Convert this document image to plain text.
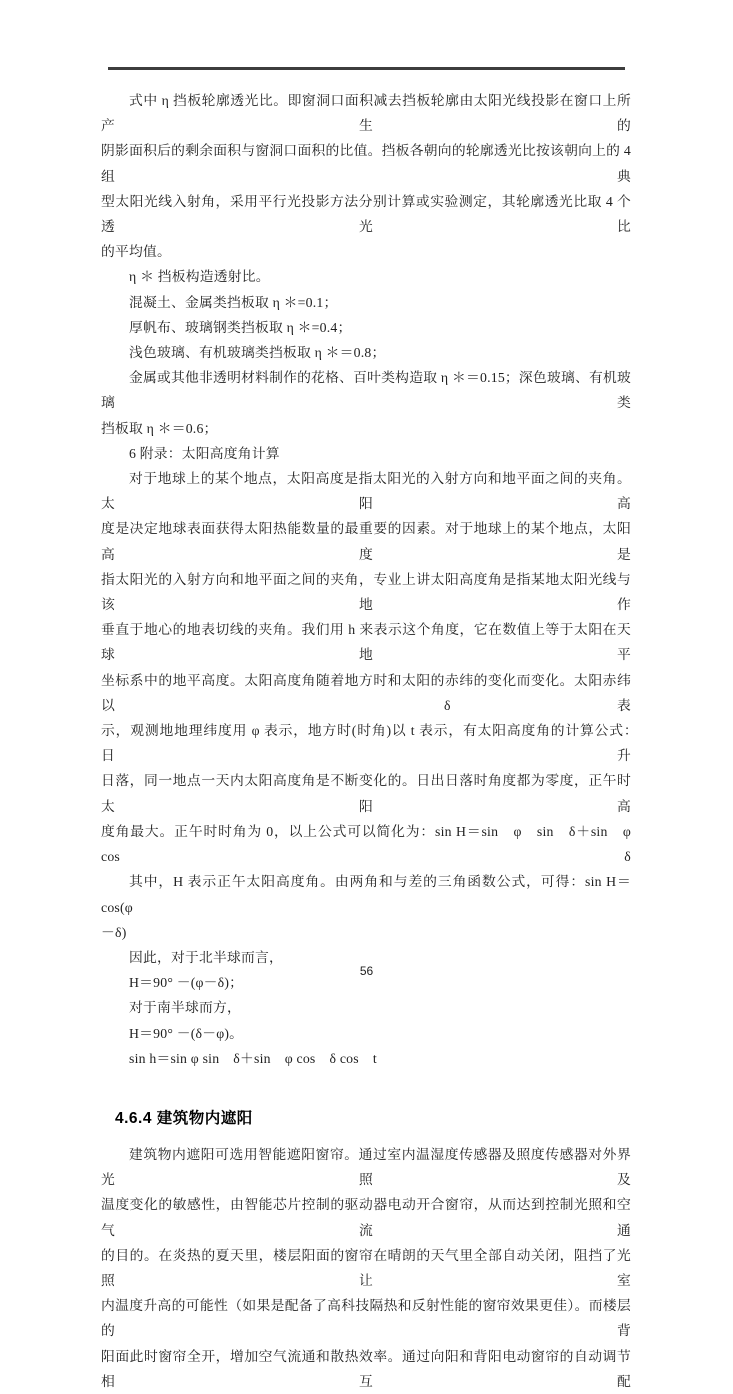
式中 η 挡板轮廓透光比。即窗洞口面积减去挡板轮廓由太阳光线投影在窗口上所产生的
阴影面积后的剩余面积与窗洞口面积的比值。挡板各朝向的轮廓透光比按该朝向上的 4 组典
型太阳光线入射角，采用平行光投影方法分别计算或实验测定，其轮廓透光比取 4 个透光比
的平均值。
η ＊ 挡板构造透射比。
混凝土、金属类挡板取 η ＊=0.1；
厚帆布、玻璃钢类挡板取 η ＊=0.4；
浅色玻璃、有机玻璃类挡板取 η ＊＝0.8；
金属或其他非透明材料制作的花格、百叶类构造取 η ＊＝0.15；深色玻璃、有机玻璃类
挡板取 η ＊＝0.6；
6 附录：太阳高度角计算
对于地球上的某个地点，太阳高度是指太阳光的入射方向和地平面之间的夹角。太阳高
度是决定地球表面获得太阳热能数量的最重要的因素。对于地球上的某个地点，太阳高度是
指太阳光的入射方向和地平面之间的夹角，专业上讲太阳高度角是指某地太阳光线与该地作
垂直于地心的地表切线的夹角。我们用 h 来表示这个角度，它在数值上等于太阳在天球地平
坐标系中的地平高度。太阳高度角随着地方时和太阳的赤纬的变化而变化。太阳赤纬以 δ 表
示，观测地地理纬度用 φ 表示，地方时(时角)以 t 表示，有太阳高度角的计算公式：　日升
日落，同一地点一天内太阳高度角是不断变化的。日出日落时角度都为零度，正午时太阳高
度角最大。正午时时角为 0，以上公式可以简化为：sin H＝sin　φ　sin　δ＋sin　φ　cos　δ
其中，H 表示正午太阳高度角。由两角和与差的三角函数公式，可得：sin H＝cos(φ
－δ)
因此，对于北半球而言，
H＝90° －(φ－δ)；
对于南半球而方，
H＝90° －(δ－φ)。
sin h＝sin φ sin　δ＋sin　φ cos　δ cos　t
4.6.4 建筑物内遮阳
建筑物内遮阳可选用智能遮阳窗帘。通过室内温湿度传感器及照度传感器对外界光照及
温度变化的敏感性，由智能芯片控制的驱动器电动开合窗帘，从而达到控制光照和空气流通
的目的。在炎热的夏天里，楼层阳面的窗帘在晴朗的天气里全部自动关闭，阻挡了光照让室
内温度升高的可能性（如果是配备了高科技隔热和反射性能的窗帘效果更佳）。而楼层的背
阳面此时窗帘全开，增加空气流通和散热效率。通过向阳和背阳电动窗帘的自动调节相互配
56
